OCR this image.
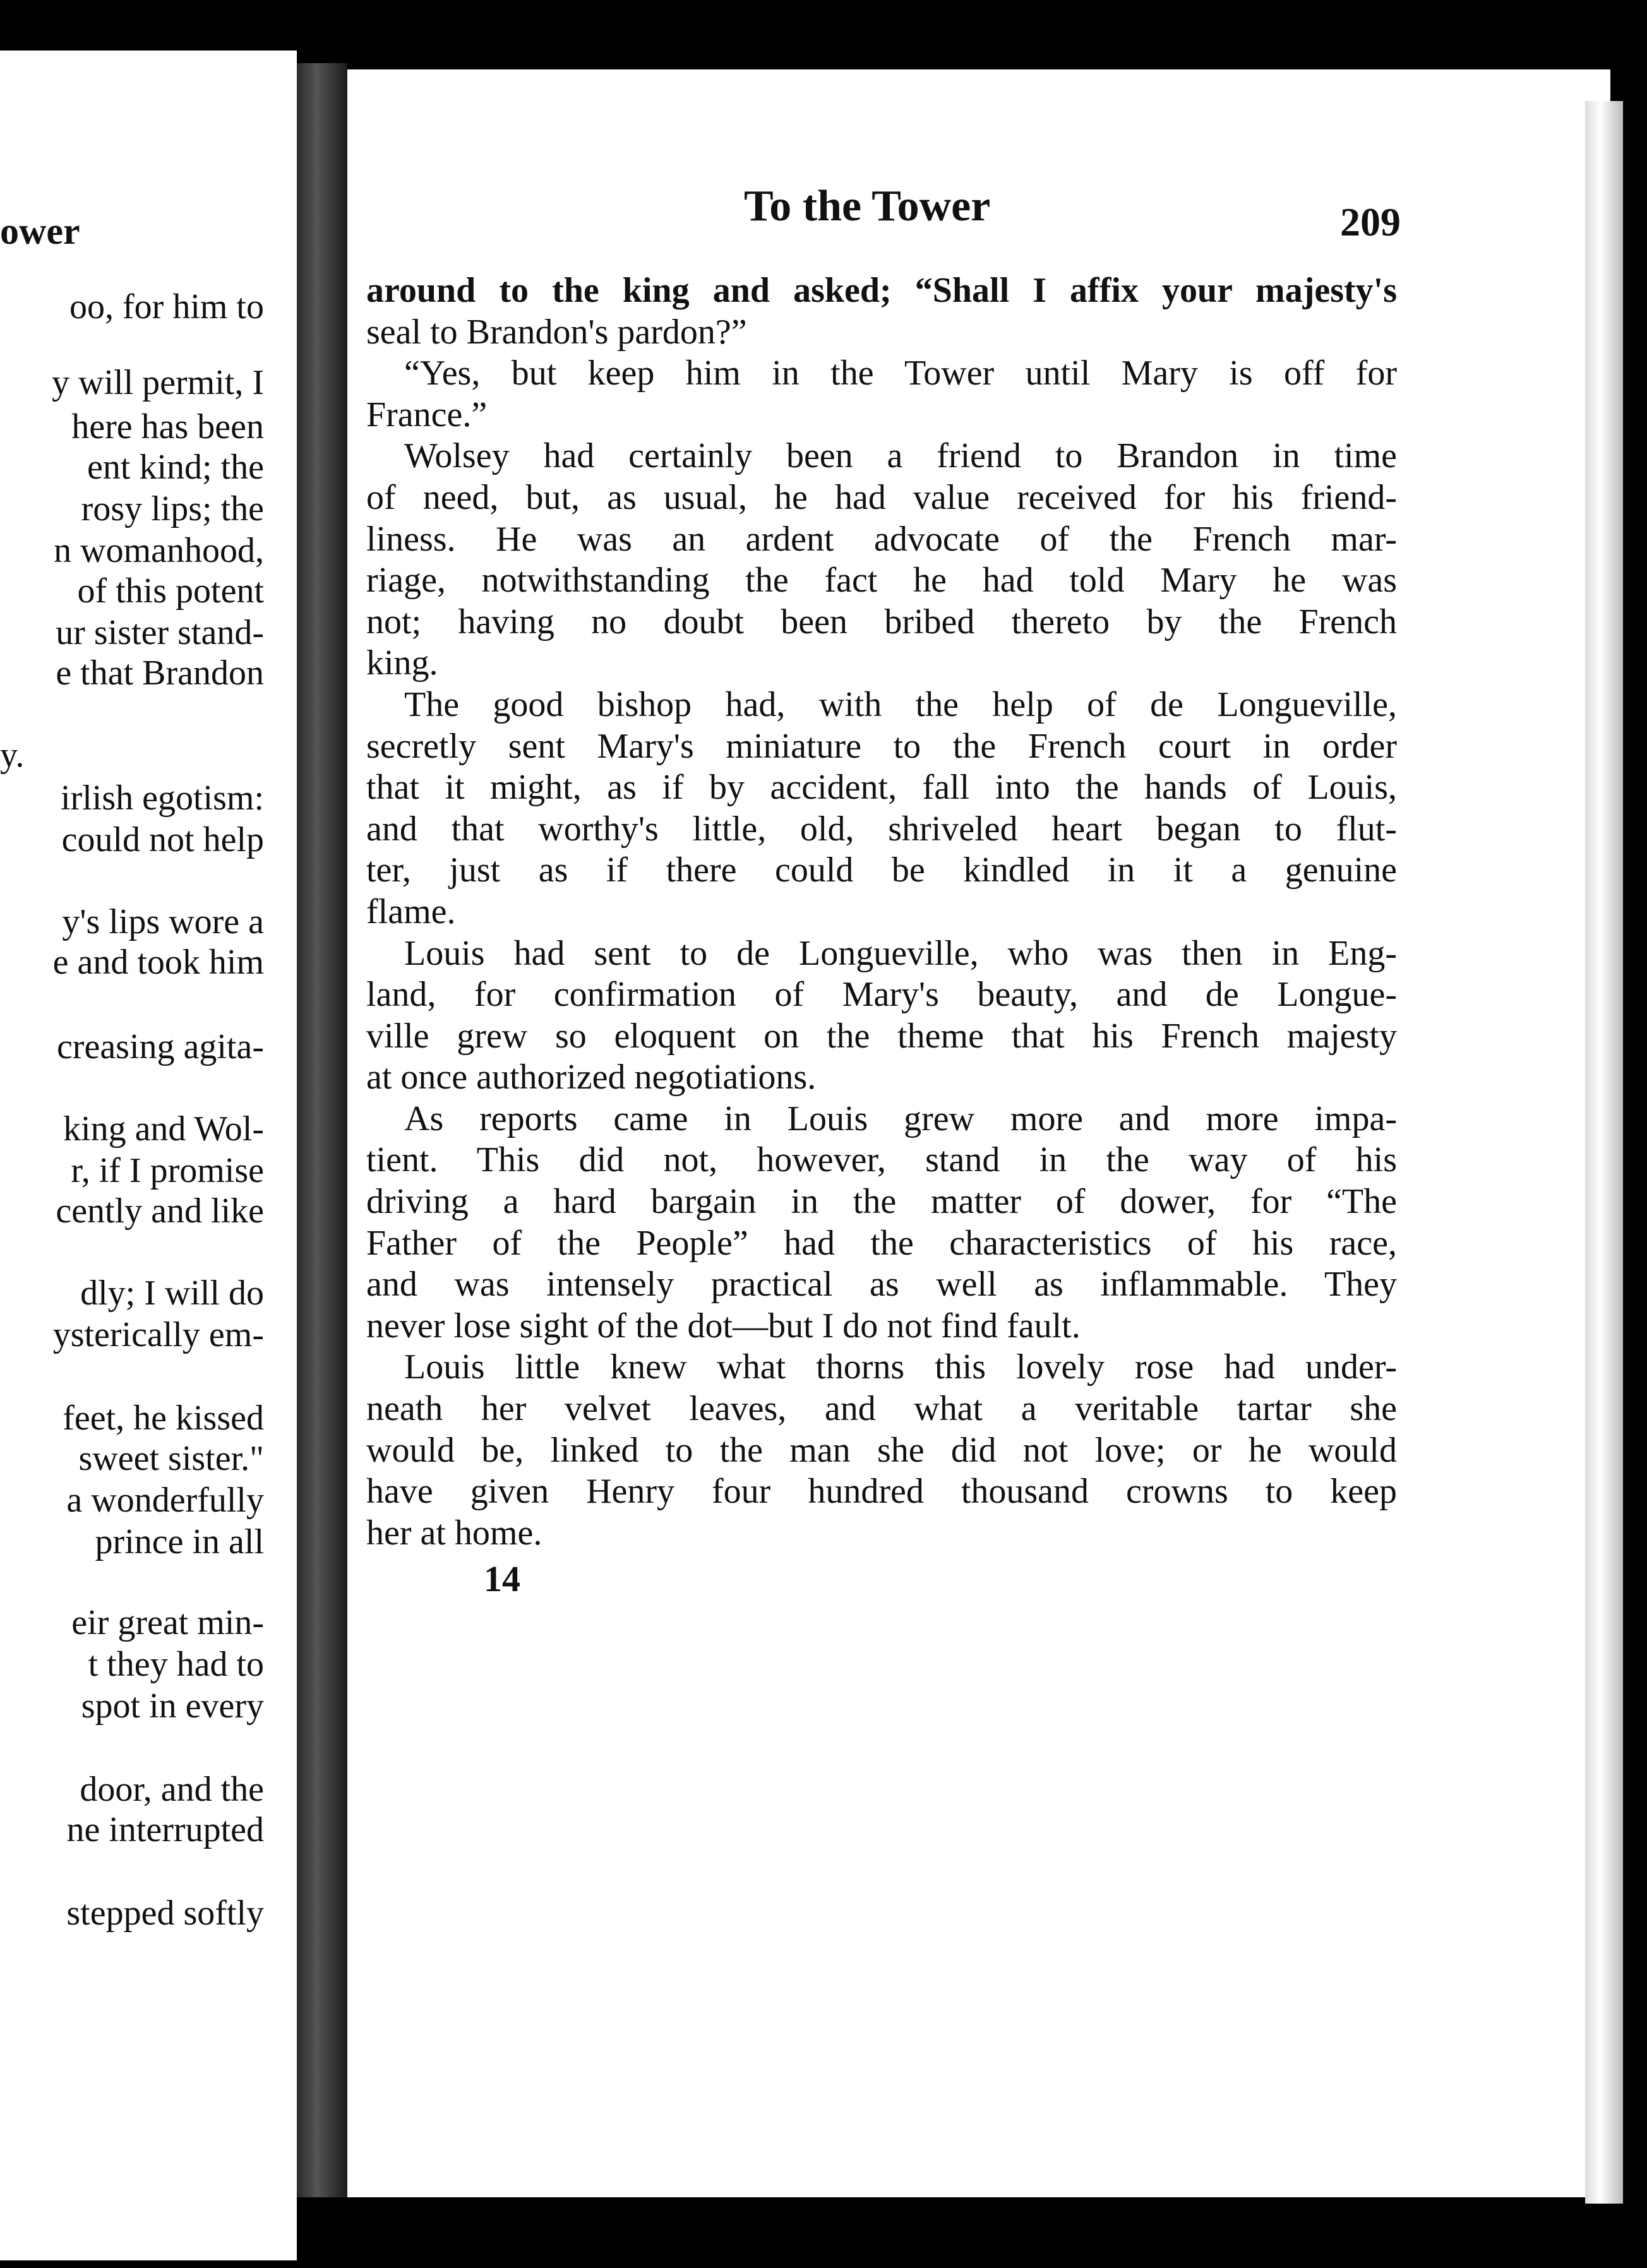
ower
oo, for him to
y will permit, I
here has been
ent kind; the
rosy lips; the
n womanhood,
of this potent
ur sister stand-
e that Brandon
y.
irlish egotism:
could not help
y's lips wore a
e and took him
creasing agita-
king and Wol-
r, if I promise
cently and like
dly; I will do
ysterically em-
feet, he kissed
sweet sister."
a wonderfully
prince in all
eir great min-
t they had to
spot in every
door, and the
ne interrupted
stepped softly
To the Tower	209
around to the king and asked; “Shall I affix your majesty's
seal to Brandon's pardon?”
“Yes, but keep him in the Tower until Mary is off for
France.”
Wolsey had certainly been a friend to Brandon in time
of need, but, as usual, he had value received for his friend-
liness. He was an ardent advocate of the French mar-
riage, notwithstanding the fact he had told Mary he was
not; having no doubt been bribed thereto by the French
king.
The good bishop had, with the help of de Longueville,
secretly sent Mary's miniature to the French court in order
that it might, as if by accident, fall into the hands of Louis,
and that worthy's little, old, shriveled heart began to flut-
ter, just as if there could be kindled in it a genuine
flame.
Louis had sent to de Longueville, who was then in Eng-
land, for confirmation of Mary's beauty, and de Longue-
ville grew so eloquent on the theme that his French majesty
at once authorized negotiations.
As reports came in Louis grew more and more impa-
tient. This did not, however, stand in the way of his
driving a hard bargain in the matter of dower, for “The
Father of the People” had the characteristics of his race,
and was intensely practical as well as inflammable. They
never lose sight of the dot—but I do not find fault.
Louis little knew what thorns this lovely rose had under-
neath her velvet leaves, and what a veritable tartar she
would be, linked to the man she did not love; or he would
have given Henry four hundred thousand crowns to keep
her at home.
14
